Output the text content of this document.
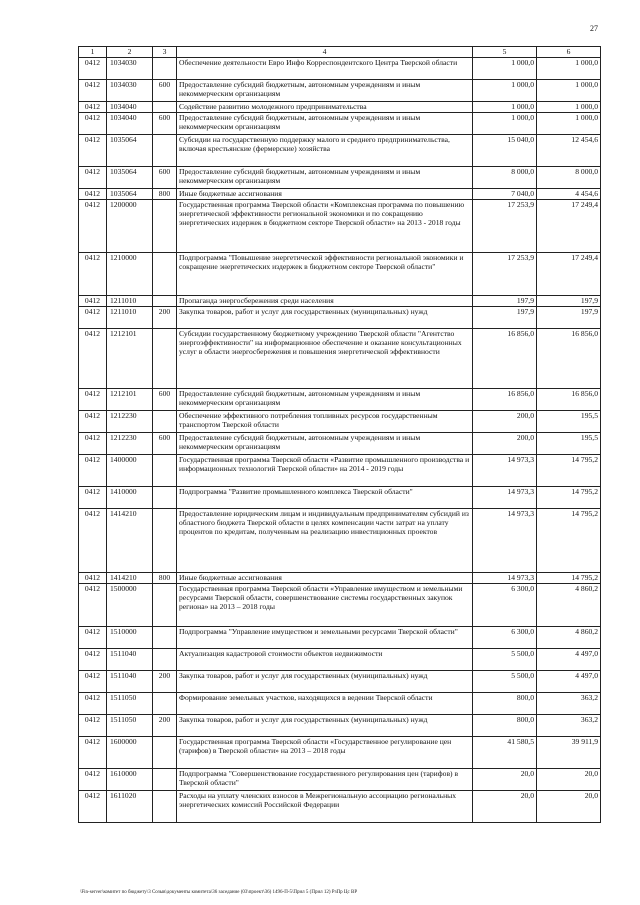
27
1	2	3	4	5	6
0412	1034030		Обеспечение деятельности Евро Инфо Корреспондентского Центра Тверской области	1 000,0	1 000,0
0412	1034030	600	Предоставление субсидий бюджетным, автономным учреждениям и иным некоммерческим организациям	1 000,0	1 000,0
0412	1034040		Содействие развитию молодежного предпринимательства	1 000,0	1 000,0
0412	1034040	600	Предоставление субсидий бюджетным, автономным учреждениям и иным некоммерческим организациям	1 000,0	1 000,0
0412	1035064		Субсидии на государственную поддержку малого и среднего предпринимательства, включая крестьянские (фермерские) хозяйства	15 040,0	12 454,6
0412	1035064	600	Предоставление субсидий бюджетным, автономным учреждениям и иным некоммерческим организациям	8 000,0	8 000,0
0412	1035064	800	Иные бюджетные ассигнования	7 040,0	4 454,6
0412	1200000		Государственная программа Тверской области «Комплексная программа по повышению энергетической эффективности региональной экономики и по сокращению энергетических издержек в бюджетном секторе Тверской области» на 2013 - 2018 годы	17 253,9	17 249,4
0412	1210000		Подпрограмма "Повышение энергетической эффективности региональной экономики и сокращение энергетических издержек в бюджетном секторе Тверской области"	17 253,9	17 249,4
0412	1211010		Пропаганда энергосбережения среди населения	197,9	197,9
0412	1211010	200	Закупка товаров, работ и услуг для государственных (муниципальных) нужд	197,9	197,9
0412	1212101		Субсидии государственному бюджетному учреждению Тверской области "Агентство энергоэффективности" на информационное обеспечение и оказание консультационных услуг в области энергосбережения и повышения энергетической эффективности	16 856,0	16 856,0
0412	1212101	600	Предоставление субсидий бюджетным, автономным учреждениям и иным некоммерческим организациям	16 856,0	16 856,0
0412	1212230		Обеспечение эффективного потребления топливных ресурсов государственным транспортом Тверской области	200,0	195,5
0412	1212230	600	Предоставление субсидий бюджетным, автономным учреждениям и иным некоммерческим организациям	200,0	195,5
0412	1400000		Государственная программа Тверской области «Развитие промышленного производства и информационных технологий Тверской области» на 2014 - 2019 годы	14 973,3	14 795,2
0412	1410000		Подпрограмма "Развитие промышленного комплекса Тверской области"	14 973,3	14 795,2
0412	1414210		Предоставление юридическим лицам и индивидуальным предпринимателям субсидий из областного бюджета Тверской области в целях компенсации части затрат на уплату процентов по кредитам, полученным на реализацию инвестиционных проектов	14 973,3	14 795,2
0412	1414210	800	Иные бюджетные ассигнования	14 973,3	14 795,2
0412	1500000		Государственная программа Тверской области «Управление имуществом и земельными ресурсами Тверской области, совершенствование системы государственных закупок региона» на 2013 – 2018 годы	6 300,0	4 860,2
0412	1510000		Подпрограмма "Управление имуществом и земельными ресурсами Тверской области"	6 300,0	4 860,2
0412	1511040		Актуализация кадастровой стоимости объектов недвижимости	5 500,0	4 497,0
0412	1511040	200	Закупка товаров, работ и услуг для государственных (муниципальных) нужд	5 500,0	4 497,0
0412	1511050		Формирование земельных участков, находящихся в ведении Тверской области	800,0	363,2
0412	1511050	200	Закупка товаров, работ и услуг для государственных (муниципальных) нужд	800,0	363,2
0412	1600000		Государственная программа Тверской области «Государственное регулирование цен (тарифов) в Тверской области» на 2013 – 2018 годы	41 580,5	39 911,9
0412	1610000		Подпрограмма "Совершенствование государственного регулирования цен (тарифов) в Тверской области"	20,0	20,0
0412	1611020		Расходы на уплату членских взносов в Межрегиональную ассоциацию региональных энергетических комиссий Российской Федерации	20,0	20,0
\Fin-server\комитет по бюджету\3 Созыв\документы комитета\36 заседание (03\проект\36) 1496-П-5\Прил 5 (Прил 12) РзПр Цс ВР
